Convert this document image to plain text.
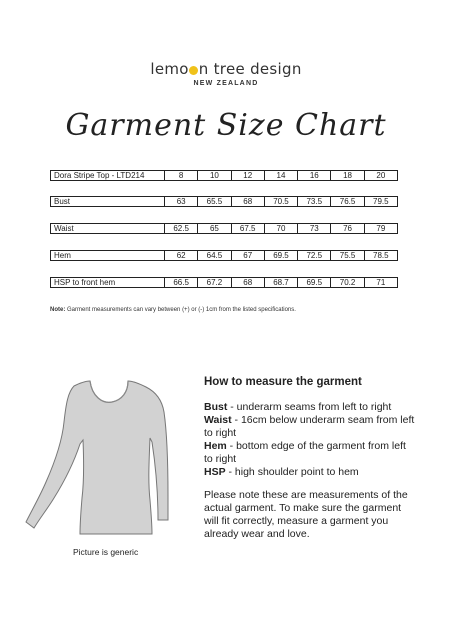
lemo n tree design
NEW ZEALAND
Garment Size Chart
Dora Stripe Top - LTD214	8	10	12	14	16	18	20
Bust	63	65.5	68	70.5	73.5	76.5	79.5
Waist	62.5	65	67.5	70	73	76	79
Hem	62	64.5	67	69.5	72.5	75.5	78.5
HSP to front hem	66.5	67.2	68	68.7	69.5	70.2	71
Note: Garment measurements can vary between (+) or (-) 1cm from the listed specifications.
Picture is generic
How to measure the garment

Bust - underarm seams from left to right

Waist - 16cm below underarm seam from left to right

Hem - bottom edge of the garment from left to right

HSP - high shoulder point to hem

Please note these are measurements of the actual garment. To make sure the garment will fit correctly, measure a garment you already wear and love.
